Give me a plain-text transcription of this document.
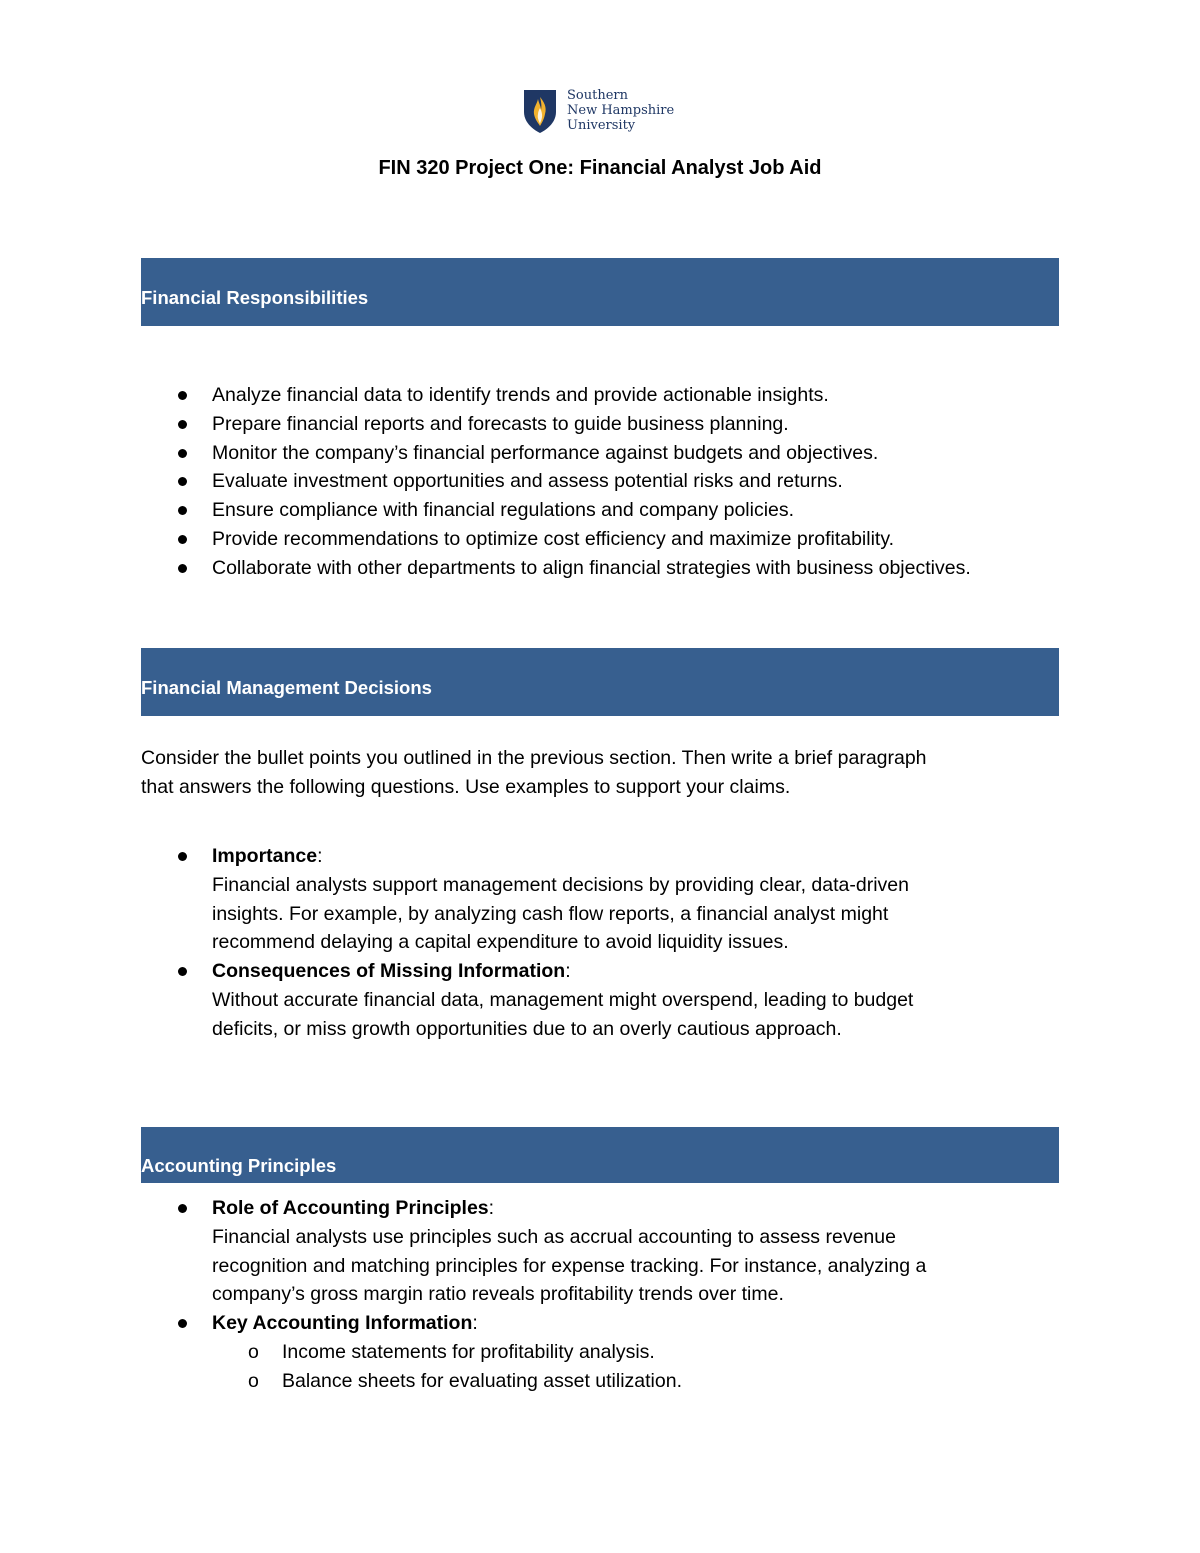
Southern
New Hampshire
University
FIN 320 Project One: Financial Analyst Job Aid
Financial Responsibilities
Analyze financial data to identify trends and provide actionable insights.
Prepare financial reports and forecasts to guide business planning.
Monitor the company’s financial performance against budgets and objectives.
Evaluate investment opportunities and assess potential risks and returns.
Ensure compliance with financial regulations and company policies.
Provide recommendations to optimize cost efficiency and maximize profitability.
Collaborate with other departments to align financial strategies with business objectives.
Financial Management Decisions
Consider the bullet points you outlined in the previous section. Then write a brief paragraph
that answers the following questions. Use examples to support your claims.
Importance:
Financial analysts support management decisions by providing clear, data-driven
insights. For example, by analyzing cash flow reports, a financial analyst might
recommend delaying a capital expenditure to avoid liquidity issues.
Consequences of Missing Information:
Without accurate financial data, management might overspend, leading to budget
deficits, or miss growth opportunities due to an overly cautious approach.
Accounting Principles
Role of Accounting Principles:
Financial analysts use principles such as accrual accounting to assess revenue
recognition and matching principles for expense tracking. For instance, analyzing a
company’s gross margin ratio reveals profitability trends over time.
Key Accounting Information:
o Income statements for profitability analysis.
o Balance sheets for evaluating asset utilization.
